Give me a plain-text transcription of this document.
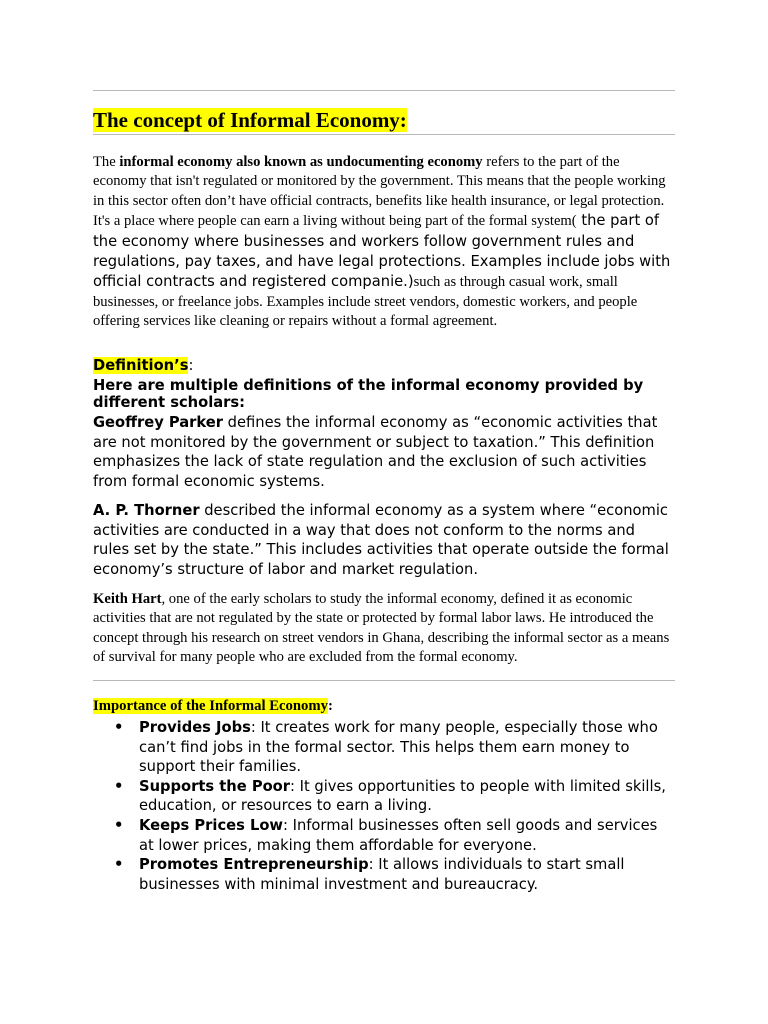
The concept of Informal Economy:

The informal economy also known as undocumenting economy refers to the part of the economy that isn't regulated or monitored by the government. This means that the people working in this sector often don’t have official contracts, benefits like health insurance, or legal protection. It's a place where people can earn a living without being part of the formal system( the part of the economy where businesses and workers follow government rules and regulations, pay taxes, and have legal protections. Examples include jobs with official contracts and registered companie.)such as through casual work, small businesses, or freelance jobs. Examples include street vendors, domestic workers, and people offering services like cleaning or repairs without a formal agreement.

Definition’s:

Here are multiple definitions of the informal economy provided by different scholars:

Geoffrey Parker defines the informal economy as “economic activities that are not monitored by the government or subject to taxation.” This definition emphasizes the lack of state regulation and the exclusion of such activities from formal economic systems.

A. P. Thorner described the informal economy as a system where “economic activities are conducted in a way that does not conform to the norms and rules set by the state.” This includes activities that operate outside the formal economy’s structure of labor and market regulation.

Keith Hart, one of the early scholars to study the informal economy, defined it as economic activities that are not regulated by the state or protected by formal labor laws. He introduced the concept through his research on street vendors in Ghana, describing the informal sector as a means of survival for many people who are excluded from the formal economy.

Importance of the Informal Economy:

• Provides Jobs: It creates work for many people, especially those who can’t find jobs in the formal sector. This helps them earn money to support their families.
• Supports the Poor: It gives opportunities to people with limited skills, education, or resources to earn a living.
• Keeps Prices Low: Informal businesses often sell goods and services at lower prices, making them affordable for everyone.
• Promotes Entrepreneurship: It allows individuals to start small businesses with minimal investment and bureaucracy.
